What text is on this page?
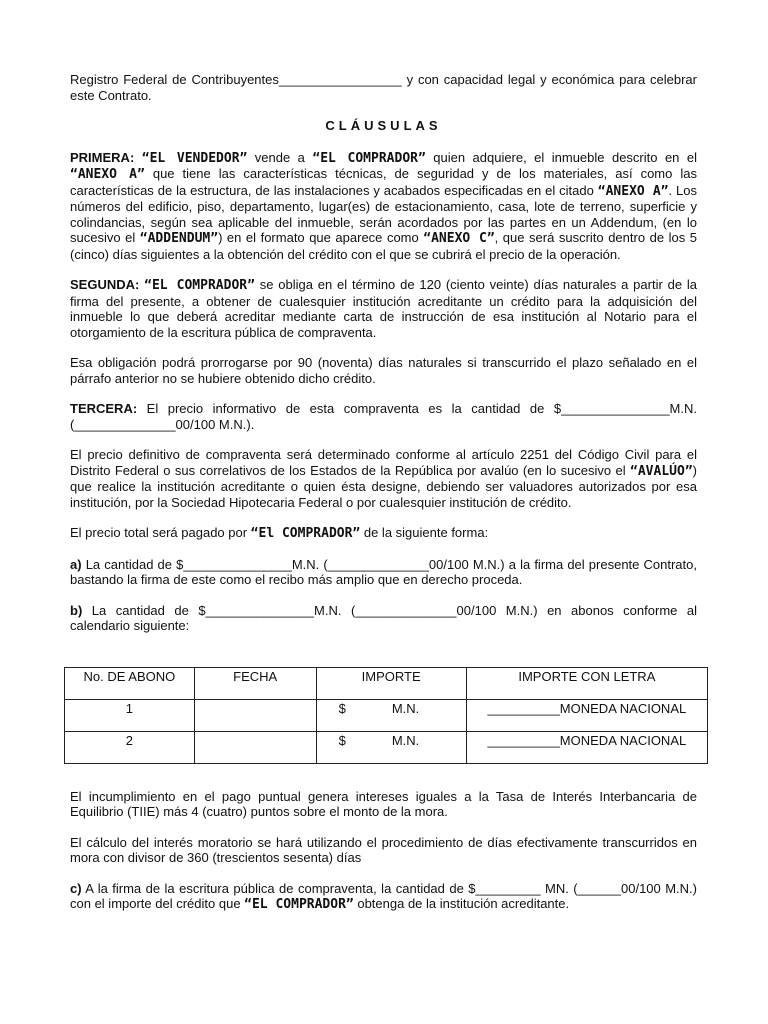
Registro Federal de Contribuyentes_________________ y con capacidad legal y económica para celebrar este Contrato.

CLÁUSULAS

PRIMERA: “EL VENDEDOR” vende a “EL COMPRADOR” quien adquiere, el inmueble descrito en el “ANEXO A” que tiene las características técnicas, de seguridad y de los materiales, así como las características de la estructura, de las instalaciones y acabados especificadas en el citado “ANEXO A”. Los números del edificio, piso, departamento, lugar(es) de estacionamiento, casa, lote de terreno, superficie y colindancias, según sea aplicable del inmueble, serán acordados por las partes en un Addendum, (en lo sucesivo el “ADDENDUM”) en el formato que aparece como “ANEXO C”, que será suscrito dentro de los 5 (cinco) días siguientes a la obtención del crédito con el que se cubrirá el precio de la operación.

SEGUNDA: “EL COMPRADOR” se obliga en el término de 120 (ciento veinte) días naturales a partir de la firma del presente, a obtener de cualesquier institución acreditante un crédito para la adquisición del inmueble lo que deberá acreditar mediante carta de instrucción de esa institución al Notario para el otorgamiento de la escritura pública de compraventa.

Esa obligación podrá prorrogarse por 90 (noventa) días naturales si transcurrido el plazo señalado en el párrafo anterior no se hubiere obtenido dicho crédito.

TERCERA: El precio informativo de esta compraventa es la cantidad de $_______________M.N. (______________00/100 M.N.).

El precio definitivo de compraventa será determinado conforme al artículo 2251 del Código Civil para el Distrito Federal o sus correlativos de los Estados de la República por avalúo (en lo sucesivo el “AVALÚO”) que realice la institución acreditante o quien ésta designe, debiendo ser valuadores autorizados por esa institución, por la Sociedad Hipotecaria Federal o por cualesquier institución de crédito.

El precio total será pagado por “El COMPRADOR” de la siguiente forma:

a) La cantidad de $_______________M.N. (______________00/100 M.N.) a la firma del presente Contrato, bastando la firma de este como el recibo más amplio que en derecho proceda.

b) La cantidad de $_______________M.N. (______________00/100 M.N.) en abonos conforme al calendario siguiente:

No. DE ABONO	FECHA	IMPORTE	IMPORTE CON LETRA
1		$ M.N.	__________MONEDA NACIONAL
2		$ M.N.	__________MONEDA NACIONAL

El incumplimiento en el pago puntual genera intereses iguales a la Tasa de Interés Interbancaria de Equilibrio (TIIE) más 4 (cuatro) puntos sobre el monto de la mora.

El cálculo del interés moratorio se hará utilizando el procedimiento de días efectivamente transcurridos en mora con divisor de 360 (trescientos sesenta) días

c) A la firma de la escritura pública de compraventa, la cantidad de $_________ MN. (______00/100 M.N.) con el importe del crédito que “EL COMPRADOR” obtenga de la institución acreditante.
